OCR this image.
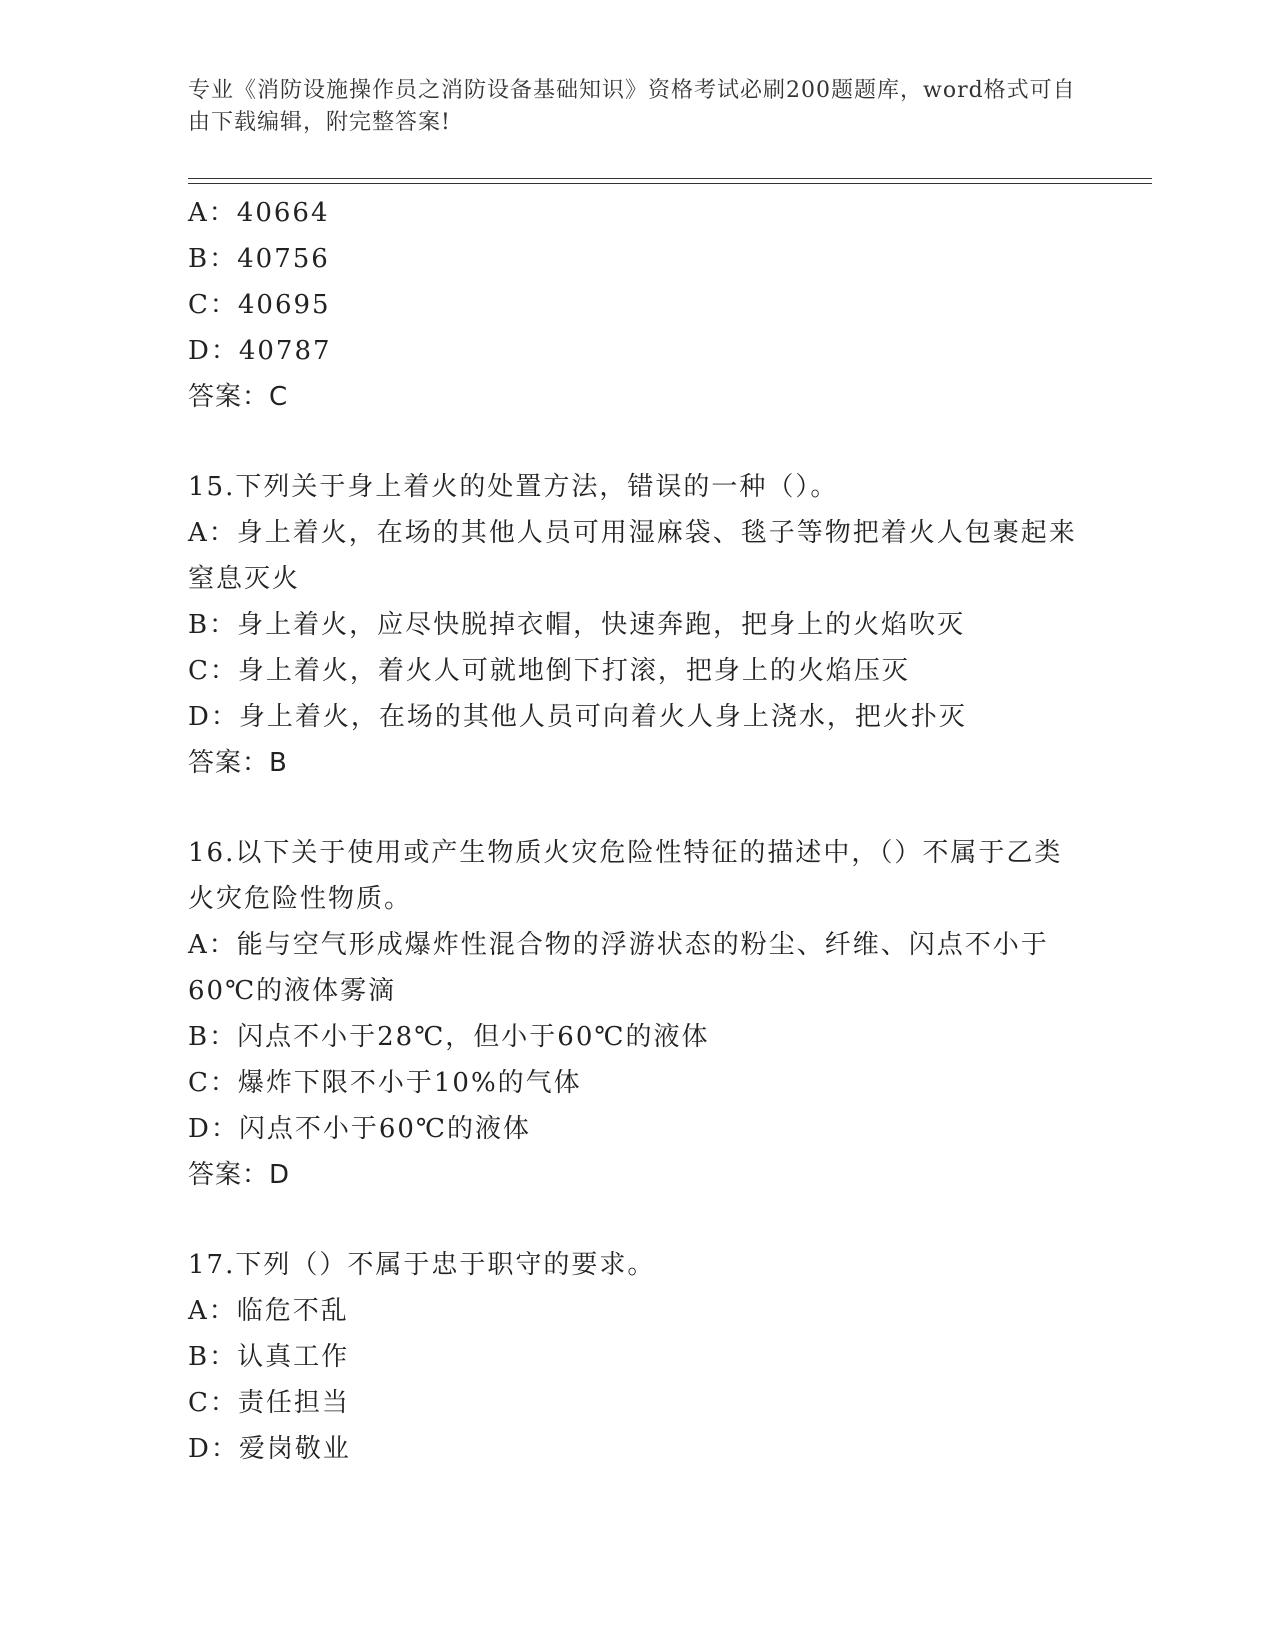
专业《消防设施操作员之消防设备基础知识》资格考试必刷200题题库，word格式可自由下载编辑，附完整答案!
A：40664
B：40756
C：40695
D：40787
答案：C
15.下列关于身上着火的处置方法，错误的一种（）。
A：身上着火，在场的其他人员可用湿麻袋、毯子等物把着火人包裹起来窒息灭火
B：身上着火，应尽快脱掉衣帽，快速奔跑，把身上的火焰吹灭
C：身上着火，着火人可就地倒下打滚，把身上的火焰压灭
D：身上着火，在场的其他人员可向着火人身上浇水，把火扑灭
答案：B
16.以下关于使用或产生物质火灾危险性特征的描述中，（）不属于乙类火灾危险性物质。
A：能与空气形成爆炸性混合物的浮游状态的粉尘、纤维、闪点不小于60℃的液体雾滴
B：闪点不小于28℃，但小于60℃的液体
C：爆炸下限不小于10%的气体
D：闪点不小于60℃的液体
答案：D
17.下列（）不属于忠于职守的要求。
A：临危不乱
B：认真工作
C：责任担当
D：爱岗敬业
